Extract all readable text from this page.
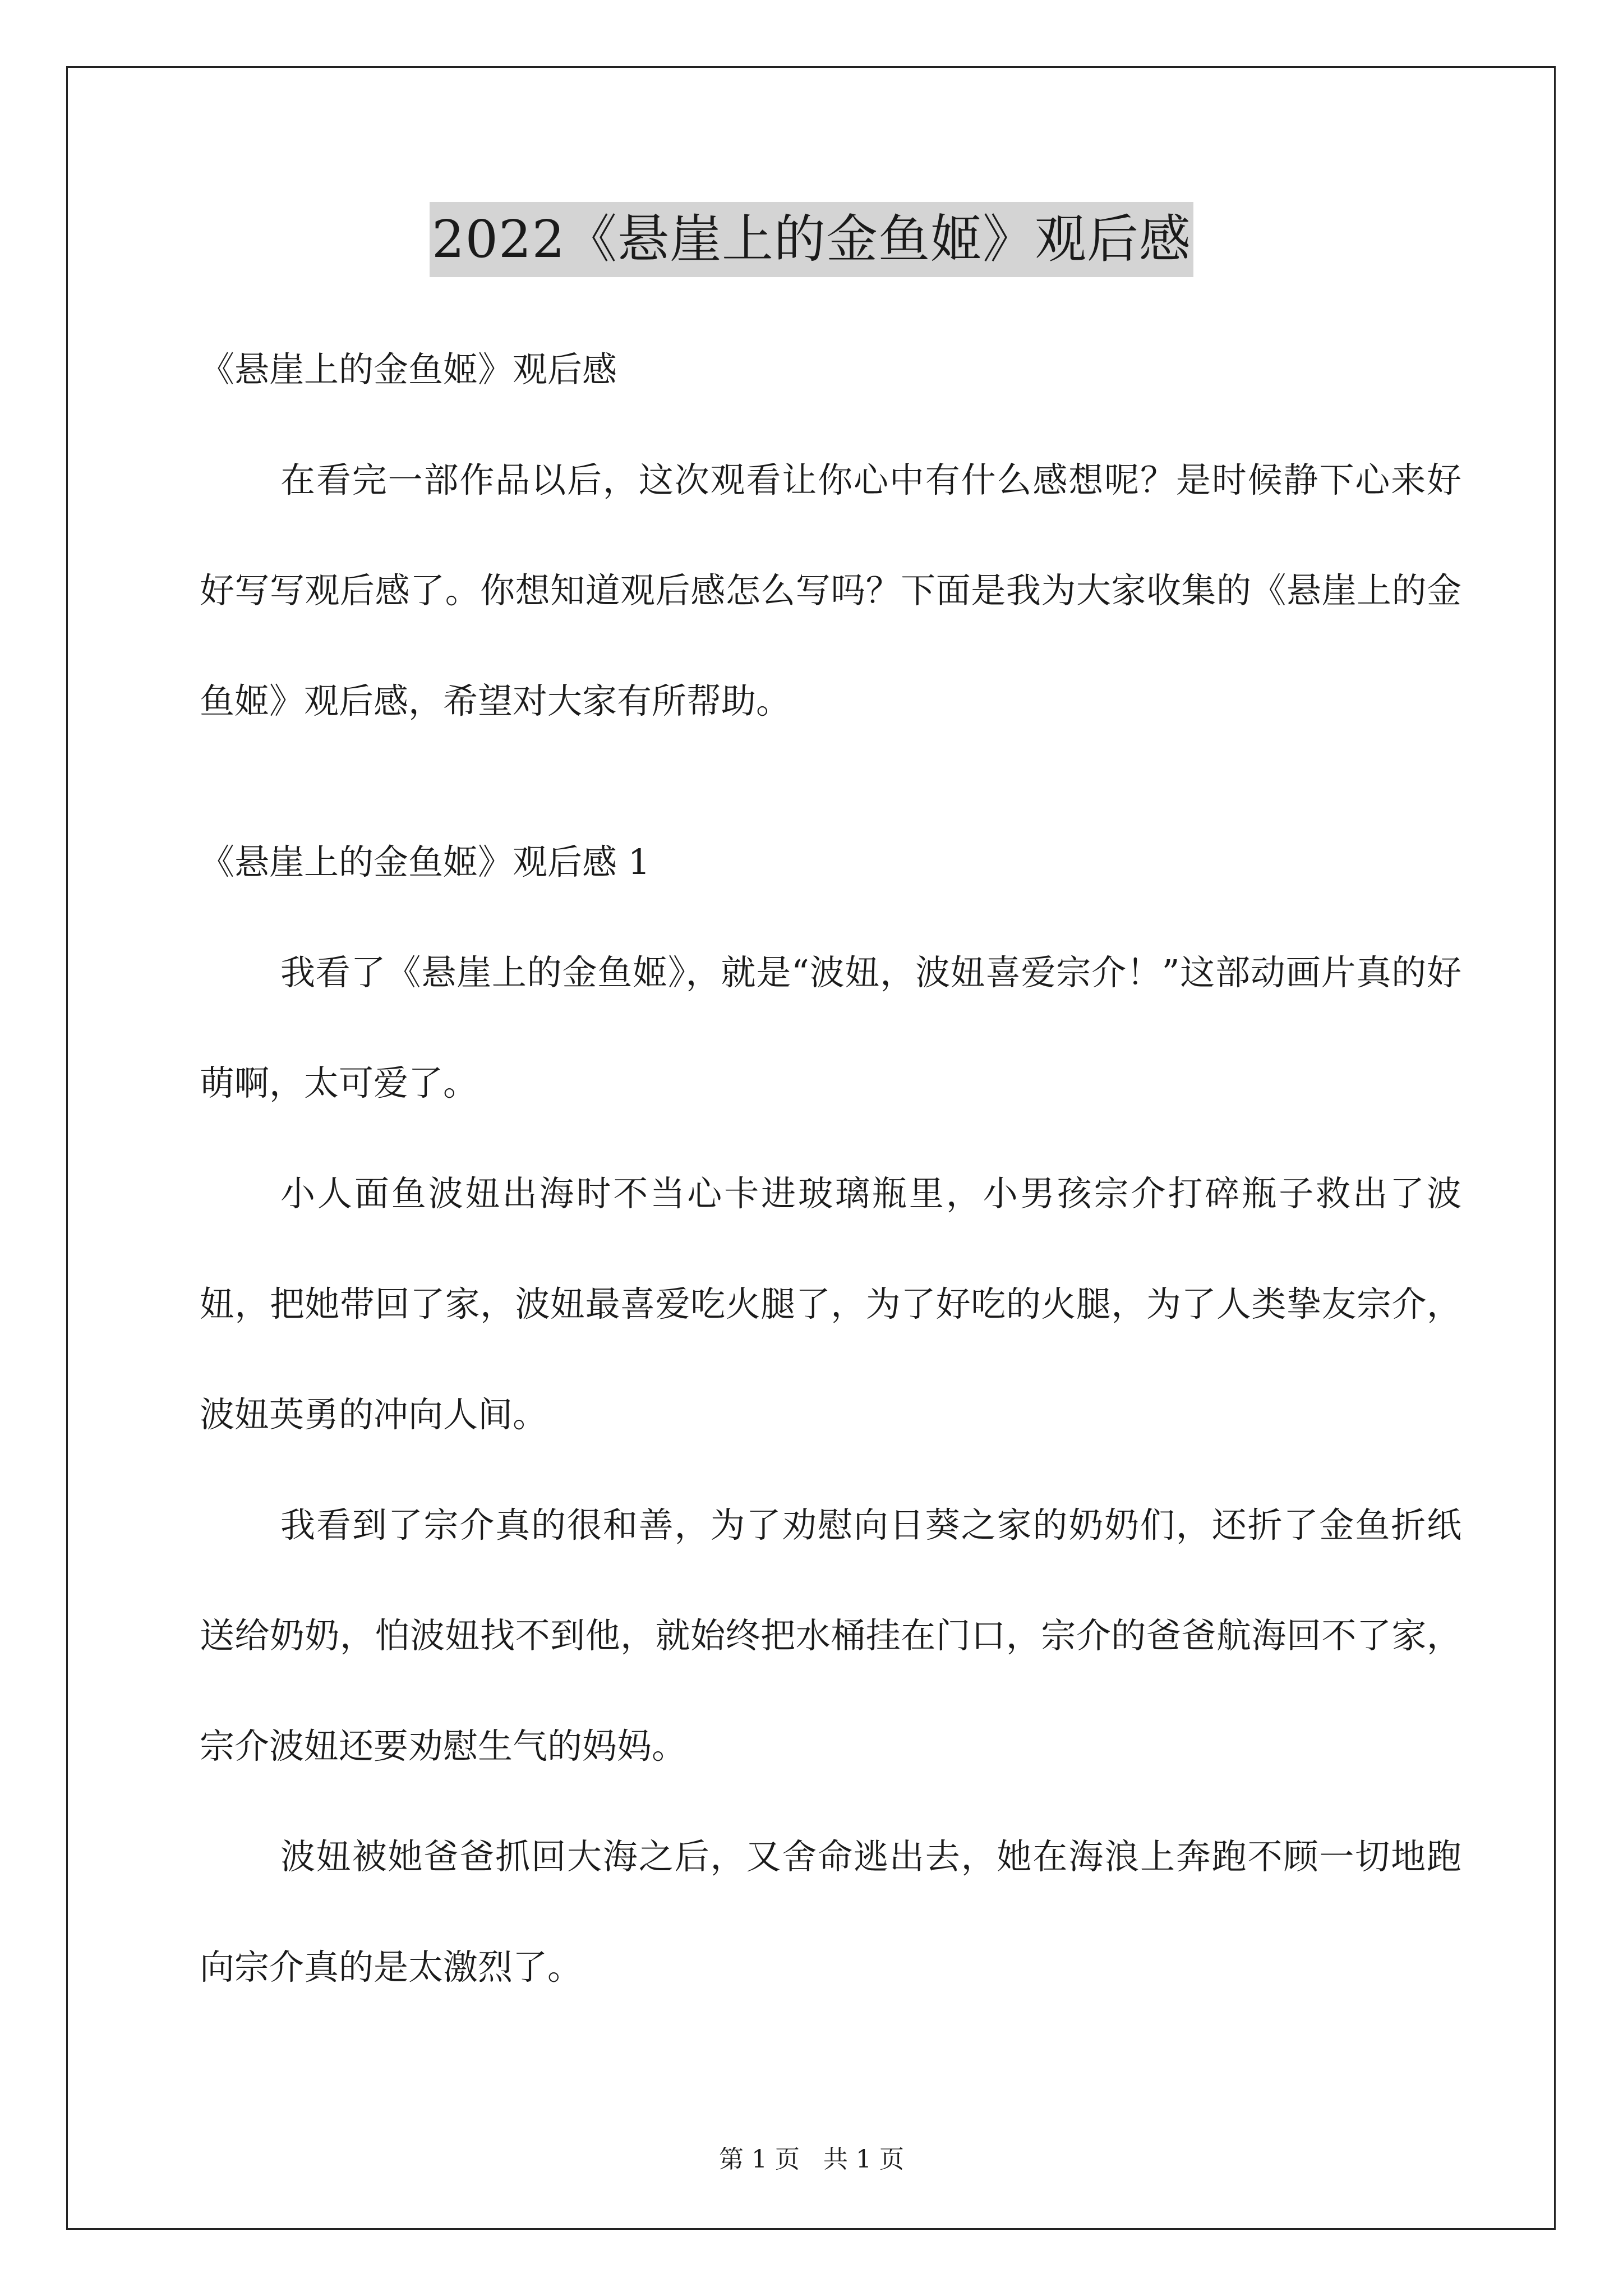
2022《悬崖上的金鱼姬》观后感

《悬崖上的金鱼姬》观后感

在看完一部作品以后，这次观看让你心中有什么感想呢？是时候静下心来好好写写观后感了。你想知道观后感怎么写吗？下面是我为大家收集的《悬崖上的金鱼姬》观后感，希望对大家有所帮助。

《悬崖上的金鱼姬》观后感 1

我看了《悬崖上的金鱼姬》，就是“波妞，波妞喜爱宗介！”这部动画片真的好萌啊，太可爱了。

小人面鱼波妞出海时不当心卡进玻璃瓶里，小男孩宗介打碎瓶子救出了波妞，把她带回了家，波妞最喜爱吃火腿了，为了好吃的火腿，为了人类挚友宗介，波妞英勇的冲向人间。

我看到了宗介真的很和善，为了劝慰向日葵之家的奶奶们，还折了金鱼折纸送给奶奶，怕波妞找不到他，就始终把水桶挂在门口，宗介的爸爸航海回不了家，宗介波妞还要劝慰生气的妈妈。

波妞被她爸爸抓回大海之后，又舍命逃出去，她在海浪上奔跑不顾一切地跑向宗介真的是太激烈了。

第 1 页   共 1 页
